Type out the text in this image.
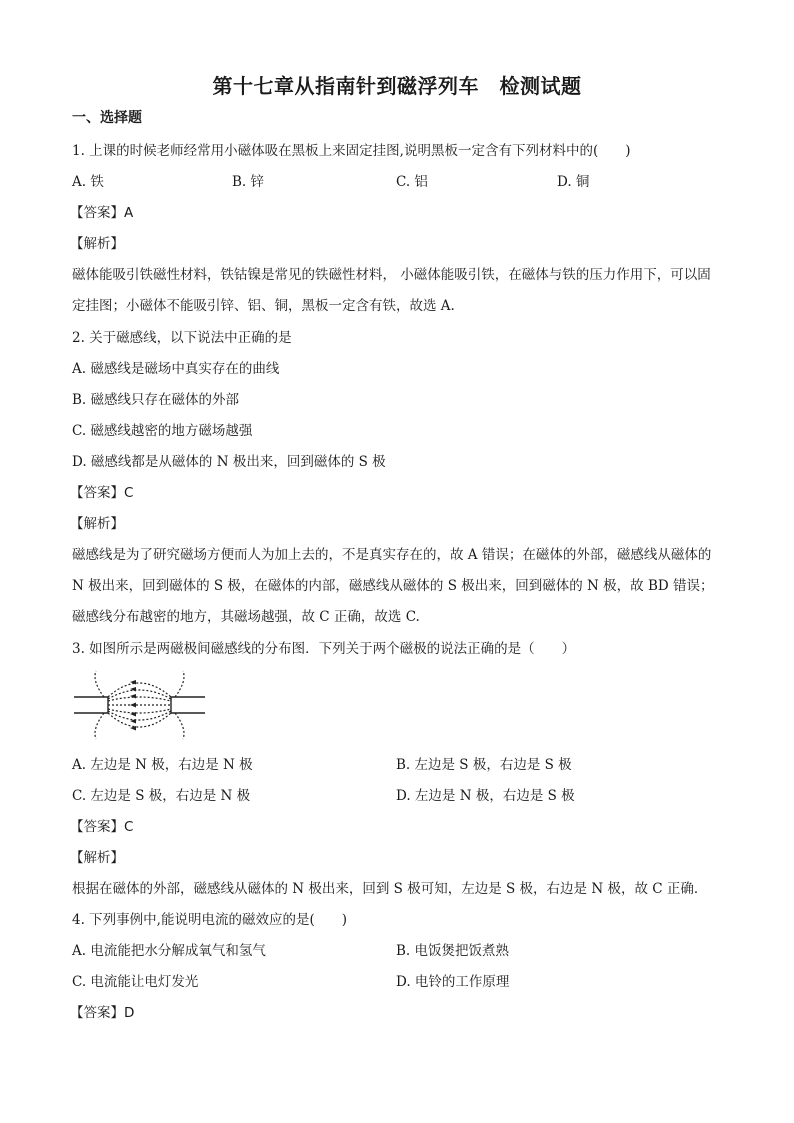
第十七章从指南针到磁浮列车　检测试题
一、选择题
1. 上课的时候老师经常用小磁体吸在黑板上来固定挂图,说明黑板一定含有下列材料中的(　　)
A. 铁	B. 锌	C. 铝	D. 铜
【答案】A
【解析】
磁体能吸引铁磁性材料，铁钴镍是常见的铁磁性材料， 小磁体能吸引铁，在磁体与铁的压力作用下，可以固定挂图；小磁体不能吸引锌、铝、铜，黑板一定含有铁，故选 A.
2. 关于磁感线，以下说法中正确的是
A. 磁感线是磁场中真实存在的曲线
B. 磁感线只存在磁体的外部
C. 磁感线越密的地方磁场越强
D. 磁感线都是从磁体的 N 极出来，回到磁体的 S 极
【答案】C
【解析】
磁感线是为了研究磁场方便而人为加上去的，不是真实存在的，故 A 错误；在磁体的外部，磁感线从磁体的 N 极出来，回到磁体的 S 极，在磁体的内部，磁感线从磁体的 S 极出来，回到磁体的 N 极，故 BD 错误；磁感线分布越密的地方，其磁场越强，故 C 正确，故选 C.
3. 如图所示是两磁极间磁感线的分布图．下列关于两个磁极的说法正确的是（　　）
A. 左边是 N 极，右边是 N 极	B. 左边是 S 极，右边是 S 极
C. 左边是 S 极，右边是 N 极	D. 左边是 N 极，右边是 S 极
【答案】C
【解析】
根据在磁体的外部，磁感线从磁体的 N 极出来，回到 S 极可知，左边是 S 极，右边是 N 极，故 C 正确．
4. 下列事例中,能说明电流的磁效应的是(　　)
A. 电流能把水分解成氧气和氢气	B. 电饭煲把饭煮熟
C. 电流能让电灯发光	D. 电铃的工作原理
【答案】D
